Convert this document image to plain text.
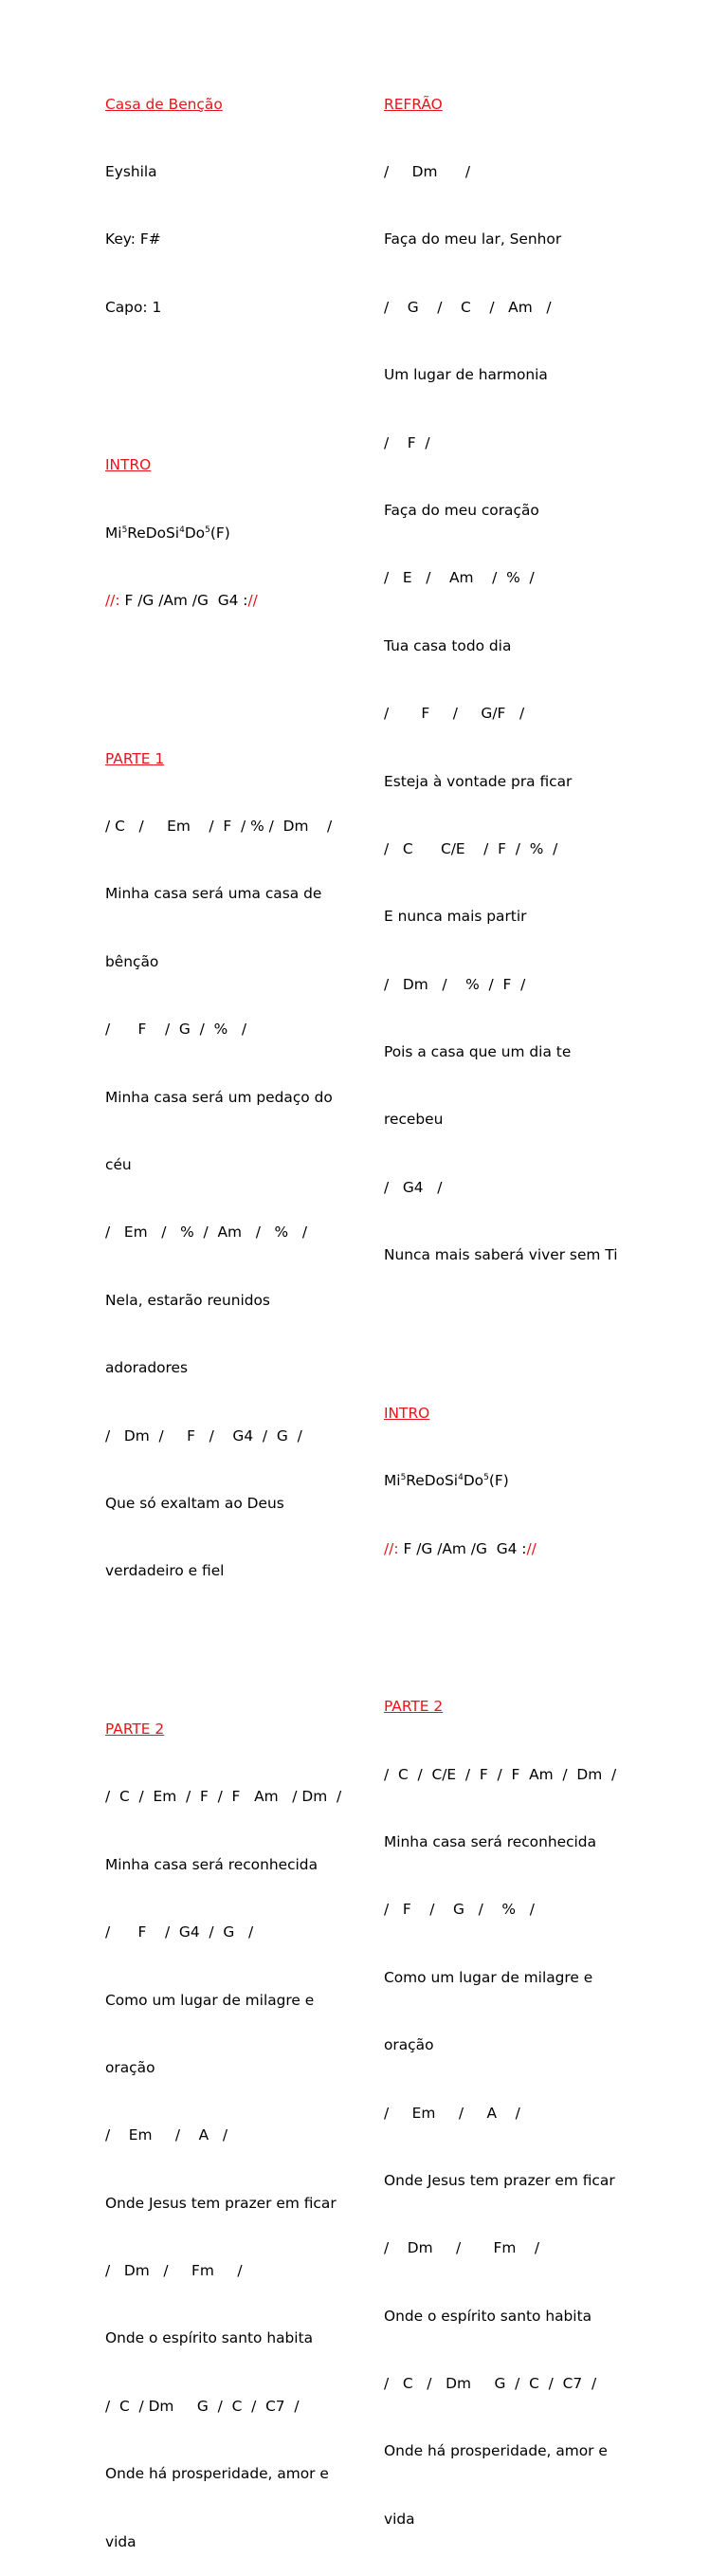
Casa de Benção

Eyshila

Key: F#

Capo: 1

INTRO

Mi$^5$ReDoSi$^4$Do$^5$(F)

//: F /G /Am /G  G4 ://

PARTE 1

/ C   /     Em    /  F  / % /  Dm    /

Minha casa será uma casa de

bênção

/      F    /  G  /  %   /

Minha casa será um pedaço do

céu

/   Em   /   %  /  Am   /   %   /

Nela, estarão reunidos

adoradores

/   Dm  /     F   /    G4  /  G  /

Que só exaltam ao Deus

verdadeiro e fiel

PARTE 2

/  C  /  Em  /  F  /  F   Am   / Dm  /

Minha casa será reconhecida

/      F    /  G4  /  G   /

Como um lugar de milagre e

oração

/    Em     /    A   /

Onde Jesus tem prazer em ficar

/   Dm   /     Fm     /

Onde o espírito santo habita

/  C  / Dm     G  /  C  /  C7  /

Onde há prosperidade, amor e

vida

REFRÃO

/     Dm      /

Faça do meu lar, Senhor

/    G    /    C    /   Am   /

Um lugar de harmonia

/    F  /

Faça do meu coração

/   E   /    Am    /  %  /

Tua casa todo dia

/       F     /     G/F   /

Esteja à vontade pra ficar

/   C      C/E    /  F  /  %  /

E nunca mais partir

/   Dm   /    %  /  F  /

Pois a casa que um dia te

recebeu

/   G4   /

Nunca mais saberá viver sem Ti

INTRO

Mi$^5$ReDoSi$^4$Do$^5$(F)

//: F /G /Am /G  G4 ://

PARTE 2

/  C  /  C/E  /  F  /  F  Am  /  Dm  /

Minha casa será reconhecida

/   F    /    G   /    %   /

Como um lugar de milagre e

oração

/     Em     /     A    /

Onde Jesus tem prazer em ficar

/    Dm     /       Fm    /

Onde o espírito santo habita

/   C   /   Dm     G  /  C  /  C7  /

Onde há prosperidade, amor e

vida
